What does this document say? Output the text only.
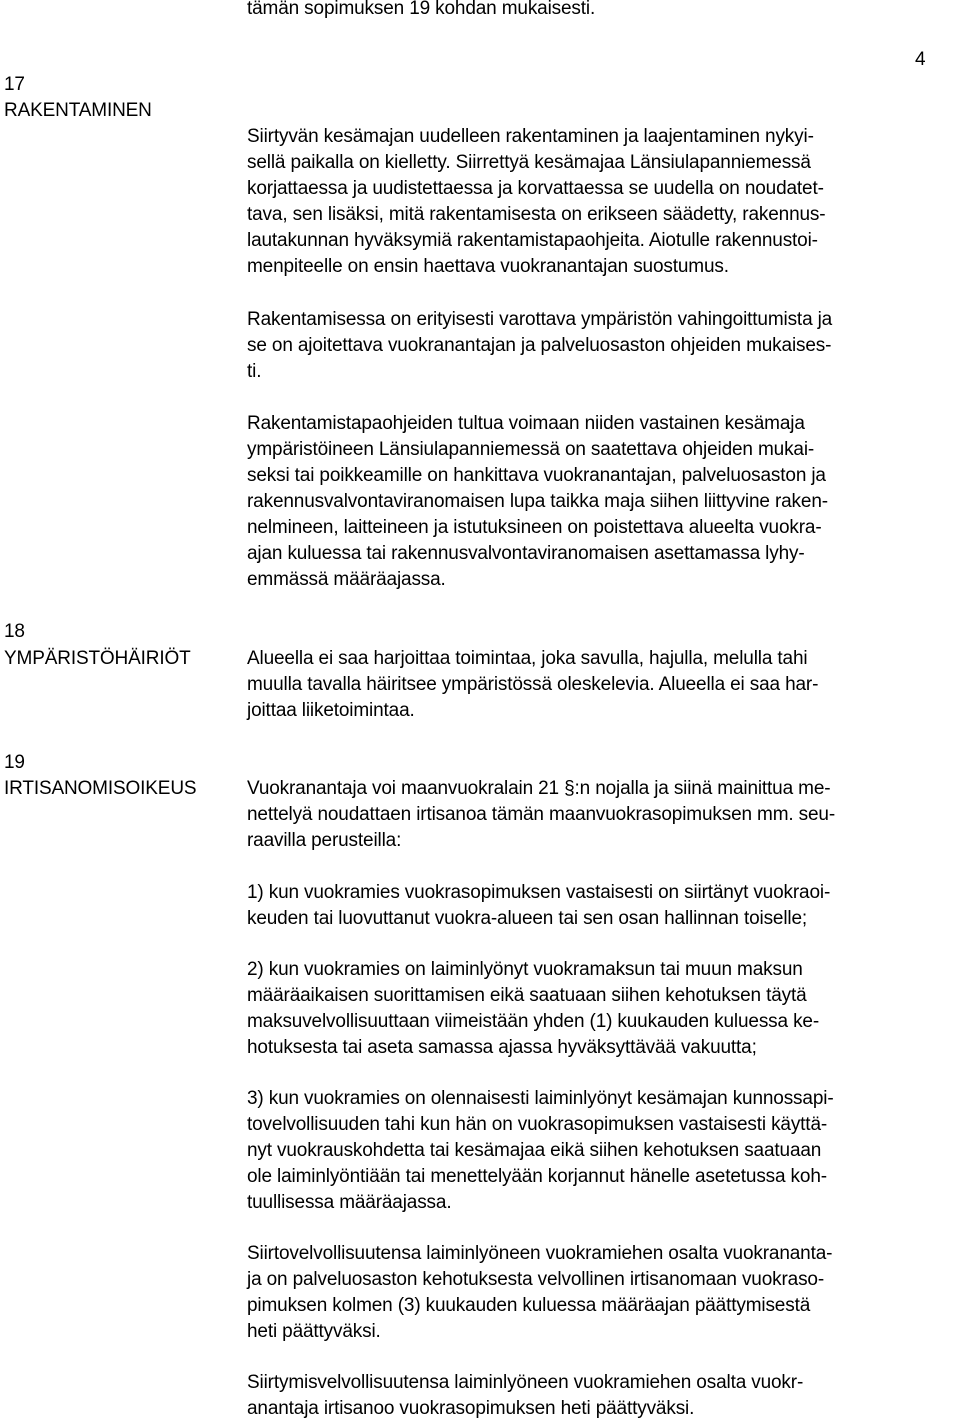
tämän sopimuksen 19 kohdan mukaisesti.
4
17
RAKENTAMINEN
Siirtyvän kesämajan uudelleen rakentaminen ja laajentaminen nykyi-
sellä paikalla on kielletty. Siirrettyä kesämajaa Länsiulapanniemessä
korjattaessa ja uudistettaessa ja korvattaessa se uudella on noudatet-
tava, sen lisäksi, mitä rakentamisesta on erikseen säädetty, rakennus-
lautakunnan hyväksymiä rakentamistapaohjeita. Aiotulle rakennustoi-
menpiteelle on ensin haettava vuokranantajan suostumus.
Rakentamisessa on erityisesti varottava ympäristön vahingoittumista ja
se on ajoitettava vuokranantajan ja palveluosaston ohjeiden mukaises-
ti.
Rakentamistapaohjeiden tultua voimaan niiden vastainen kesämaja
ympäristöineen Länsiulapanniemessä on saatettava ohjeiden mukai-
seksi tai poikkeamille on hankittava vuokranantajan, palveluosaston ja
rakennusvalvontaviranomaisen lupa taikka maja siihen liittyvine raken-
nelmineen, laitteineen ja istutuksineen on poistettava alueelta vuokra-
ajan kuluessa tai rakennusvalvontaviranomaisen asettamassa lyhy-
emmässä määräajassa.
18
YMPÄRISTÖHÄIRIÖT	Alueella ei saa harjoittaa toimintaa, joka savulla, hajulla, melulla tahi
muulla tavalla häiritsee ympäristössä oleskelevia. Alueella ei saa har-
joittaa liiketoimintaa.
19
IRTISANOMISOIKEUS	Vuokranantaja voi maanvuokralain 21 §:n nojalla ja siinä mainittua me-
nettelyä noudattaen irtisanoa tämän maanvuokrasopimuksen mm. seu-
raavilla perusteilla:
1) kun vuokramies vuokrasopimuksen vastaisesti on siirtänyt vuokraoi-
keuden tai luovuttanut vuokra-alueen tai sen osan hallinnan toiselle;
2) kun vuokramies on laiminlyönyt vuokramaksun tai muun maksun
määräaikaisen suorittamisen eikä saatuaan siihen kehotuksen täytä
maksuvelvollisuuttaan viimeistään yhden (1) kuukauden kuluessa ke-
hotuksesta tai aseta samassa ajassa hyväksyttävää vakuutta;
3) kun vuokramies on olennaisesti laiminlyönyt kesämajan kunnossapi-
tovelvollisuuden tahi kun hän on vuokrasopimuksen vastaisesti käyttä-
nyt vuokrauskohdetta tai kesämajaa eikä siihen kehotuksen saatuaan
ole laiminlyöntiään tai menettelyään korjannut hänelle asetetussa koh-
tuullisessa määräajassa.
Siirtovelvollisuutensa laiminlyöneen vuokramiehen osalta vuokrananta-
ja on palveluosaston kehotuksesta velvollinen irtisanomaan vuokraso-
pimuksen kolmen (3) kuukauden kuluessa määräajan päättymisestä
heti päättyväksi.
Siirtymisvelvollisuutensa laiminlyöneen vuokramiehen osalta vuokr-
anantaja irtisanoo vuokrasopimuksen heti päättyväksi.
